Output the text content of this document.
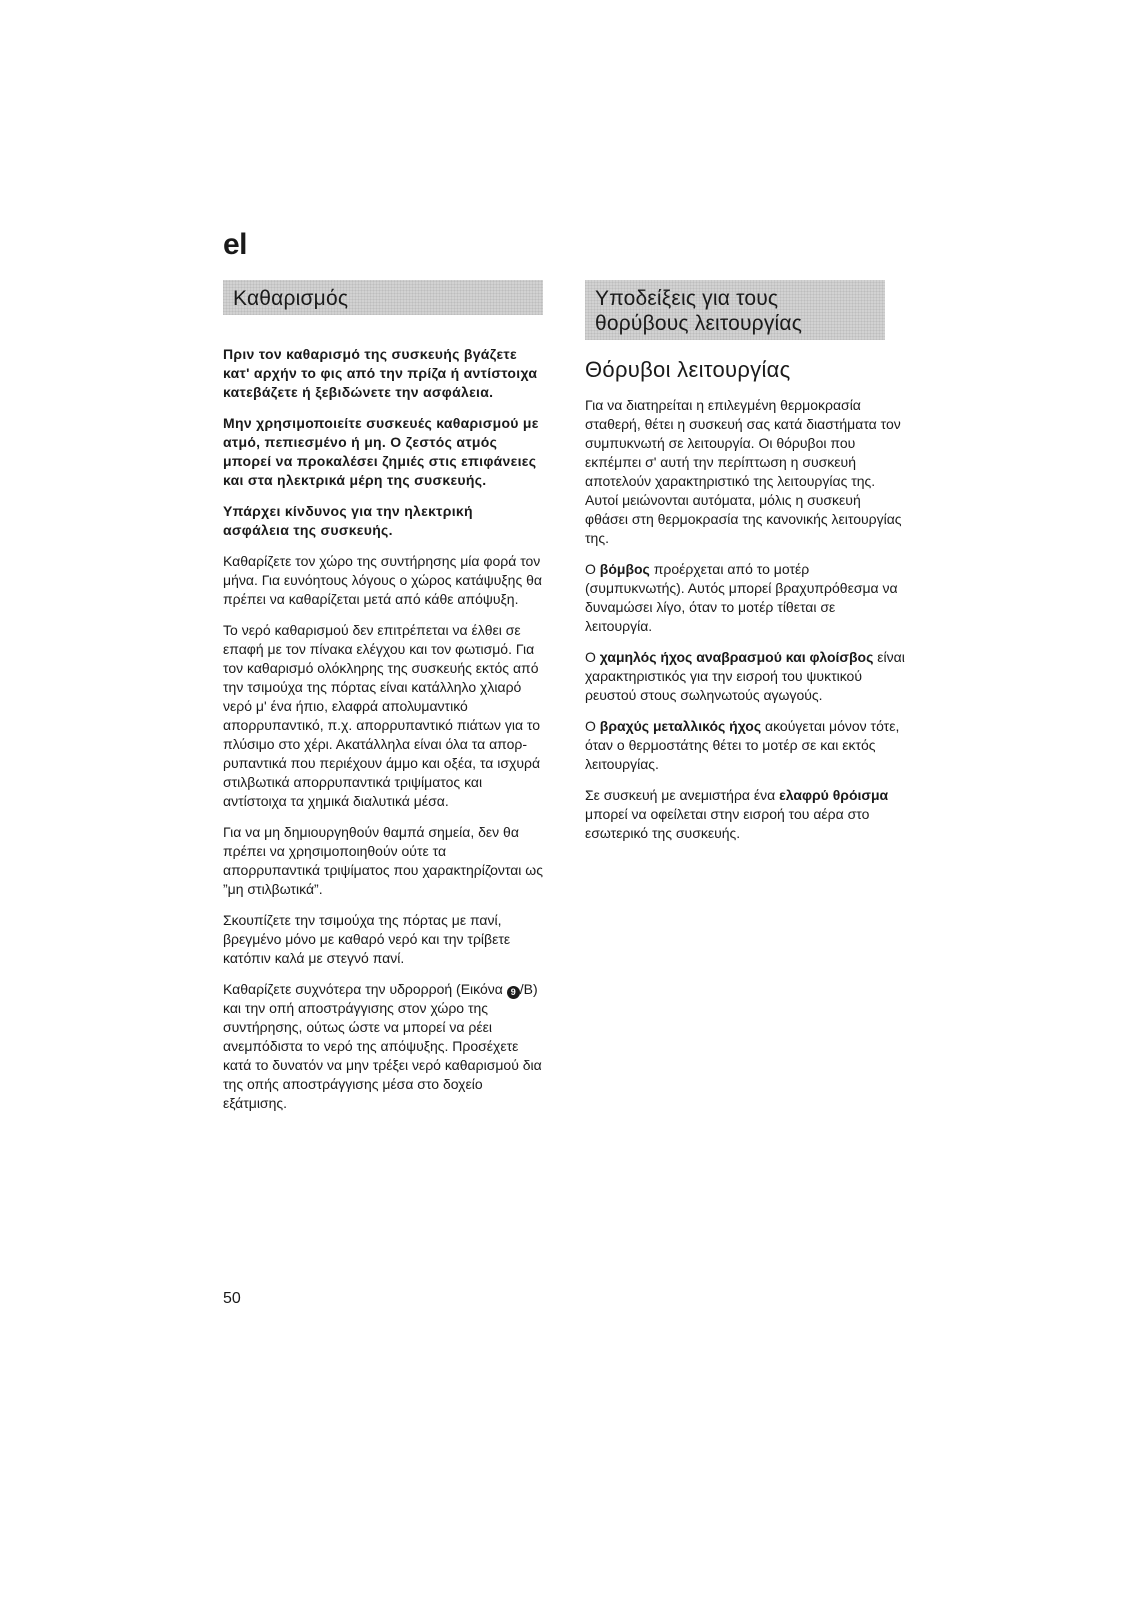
el
Καθαρισμός

Πριν τον καθαρισμό της συσκευής βγάζετε κατ' αρχήν το φις από την πρίζα ή αντίστοιχα κατεβάζετε ή ξεβιδώνετε την ασφάλεια.

Μην χρησιμοποιείτε συσκευές καθαρισμού με ατμό, πεπιεσμένο ή μη. Ο ζεστός ατμός μπορεί να προκαλέσει ζημιές στις επιφάνειες και στα ηλεκτρικά μέρη της συσκευής.

Υπάρχει κίνδυνος για την ηλεκτρική ασφάλεια της συσκευής.

Καθαρίζετε τον χώρο της συντήρησης μία φορά τον μήνα. Για ευνόητους λόγους ο χώρος κατάψυξης θα πρέπει να καθαρίζεται μετά από κάθε απόψυξη.

Το νερό καθαρισμού δεν επιτρέπεται να έλθει σε επαφή με τον πίνακα ελέγχου και τον φωτισμό. Για τον καθαρισμό ολόκληρης της συσκευής εκτός από την τσιμούχα της πόρτας είναι κατάλληλο χλιαρό νερό μ' ένα ήπιο, ελαφρά απολυμαντικό απορρυπαντικό, π.χ. απορρυπαντικό πιάτων για το πλύσιμο στο χέρι. Ακατάλληλα είναι όλα τα απορρυπαντικά που περιέχουν άμμο και οξέα, τα ισχυρά στιλβωτικά απορρυπαντικά τριψίματος και αντίστοιχα τα χημικά διαλυτικά μέσα.

Για να μη δημιουργηθούν θαμπά σημεία, δεν θα πρέπει να χρησιμοποιηθούν ούτε τα απορρυπαντικά τριψίματος που χαρακτηρίζονται ως ”μη στιλβωτικά”.

Σκουπίζετε την τσιμούχα της πόρτας με πανί, βρεγμένο μόνο με καθαρό νερό και την τρίβετε κατόπιν καλά με στεγνό πανί.

Καθαρίζετε συχνότερα την υδρορροή (Εικόνα 9 /B) και την οπή αποστράγγισης στον χώρο της συντήρησης, ούτως ώστε να μπορεί να ρέει ανεμπόδιστα το νερό της απόψυξης. Προσέχετε κατά το δυνατόν να μην τρέξει νερό καθαρισμού δια της οπής αποστράγγισης μέσα στο δοχείο εξάτμισης.

Υποδείξεις για τους θορύβους λειτουργίας
Θόρυβοι λειτουργίας

Για να διατηρείται η επιλεγμένη θερμοκρασία σταθερή, θέτει η συσκευή σας κατά διαστήματα τον συμπυκνωτή σε λειτουργία. Οι θόρυβοι που εκπέμπει σ' αυτή την περίπτωση η συσκευή αποτελούν χαρακτηριστικό της λειτουργίας της. Αυτοί μειώνονται αυτόματα, μόλις η συσκευή φθάσει στη θερμοκρασία της κανονικής λειτουργίας της.

Ο βόμβος προέρχεται από το μοτέρ (συμπυκνωτής). Αυτός μπορεί βραχυπρόθεσμα να δυναμώσει λίγο, όταν το μοτέρ τίθεται σε λειτουργία.

Ο χαμηλός ήχος αναβρασμού και φλοίσβος είναι χαρακτηριστικός για την εισροή του ψυκτικού ρευστού στους σωληνωτούς αγωγούς.

Ο βραχύς μεταλλικός ήχος ακούγεται μόνον τότε, όταν ο θερμοστάτης θέτει το μοτέρ σε και εκτός λειτουργίας.

Σε συσκευή με ανεμιστήρα ένα ελαφρύ θρόισμα μπορεί να οφείλεται στην εισροή του αέρα στο εσωτερικό της συσκευής.

50
